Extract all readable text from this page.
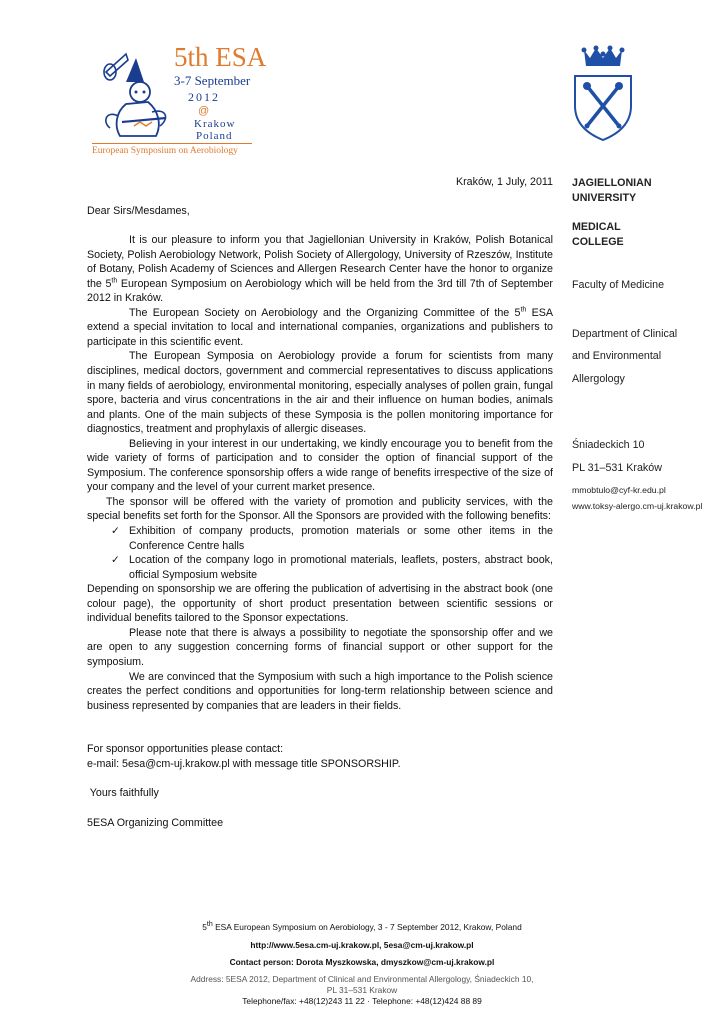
5th ESA
3-7 September
2012
@
Krakow
Poland
European Symposium on Aerobiology

Kraków, 1 July, 2011

Dear Sirs/Mesdames,

It is our pleasure to inform you that Jagiellonian University in Kraków, Polish Botanical Society, Polish Aerobiology Network, Polish Society of Allergology, University of Rzeszów, Institute of Botany, Polish Academy of Sciences and Allergen Research Center have the honor to organize the 5th European Symposium on Aerobiology which will be held from the 3rd till 7th of September 2012 in Kraków.

The European Society on Aerobiology and the Organizing Committee of the 5th ESA extend a special invitation to local and international companies, organizations and publishers to participate in this scientific event.

The European Symposia on Aerobiology provide a forum for scientists from many disciplines, medical doctors, government and commercial representatives to discuss applications in many fields of aerobiology, environmental monitoring, especially analyses of pollen grain, fungal spore, bacteria and virus concentrations in the air and their influence on human bodies, animals and plants. One of the main subjects of these Symposia is the pollen monitoring importance for diagnostics, treatment and prophylaxis of allergic diseases.

Believing in your interest in our undertaking, we kindly encourage you to benefit from the wide variety of forms of participation and to consider the option of financial support of the Symposium. The conference sponsorship offers a wide range of benefits irrespective of the size of your company and the level of your current market presence.

The sponsor will be offered with the variety of promotion and publicity services, with the special benefits set forth for the Sponsor. All the Sponsors are provided with the following benefits:

✓ Exhibition of company products, promotion materials or some other items in the Conference Centre halls
✓ Location of the company logo in promotional materials, leaflets, posters, abstract book, official Symposium website

Depending on sponsorship we are offering the publication of advertising in the abstract book (one colour page), the opportunity of short product presentation between scientific sessions or individual benefits tailored to the Sponsor expectations.

Please note that there is always a possibility to negotiate the sponsorship offer and we are open to any suggestion concerning forms of financial support or other support for the symposium.

We are convinced that the Symposium with such a high importance to the Polish science creates the perfect conditions and opportunities for long-term relationship between science and business represented by companies that are leaders in their fields.

For sponsor opportunities please contact:

e-mail: 5esa@cm-uj.krakow.pl with message title SPONSORSHIP.

Yours faithfully

5ESA Organizing Committee

JAGIELLONIAN
UNIVERSITY
MEDICAL
COLLEGE
Faculty of Medicine
Department of Clinical
and Environmental
Allergology
Śniadeckich 10
PL 31–531 Kraków
mmobtulo@cyf-kr.edu.pl
www.toksy-alergo.cm-uj.krakow.pl
5th ESA European Symposium on Aerobiology, 3 - 7 September 2012, Krakow, Poland
http://www.5esa.cm-uj.krakow.pl, 5esa@cm-uj.krakow.pl
Contact person: Dorota Myszkowska, dmyszkow@cm-uj.krakow.pl
Address: 5ESA 2012, Department of Clinical and Environmental Allergology, Śniadeckich 10,
PL 31–531 Krakow
Telephone/fax: +48(12)243 11 22 · Telephone: +48(12)424 88 89
